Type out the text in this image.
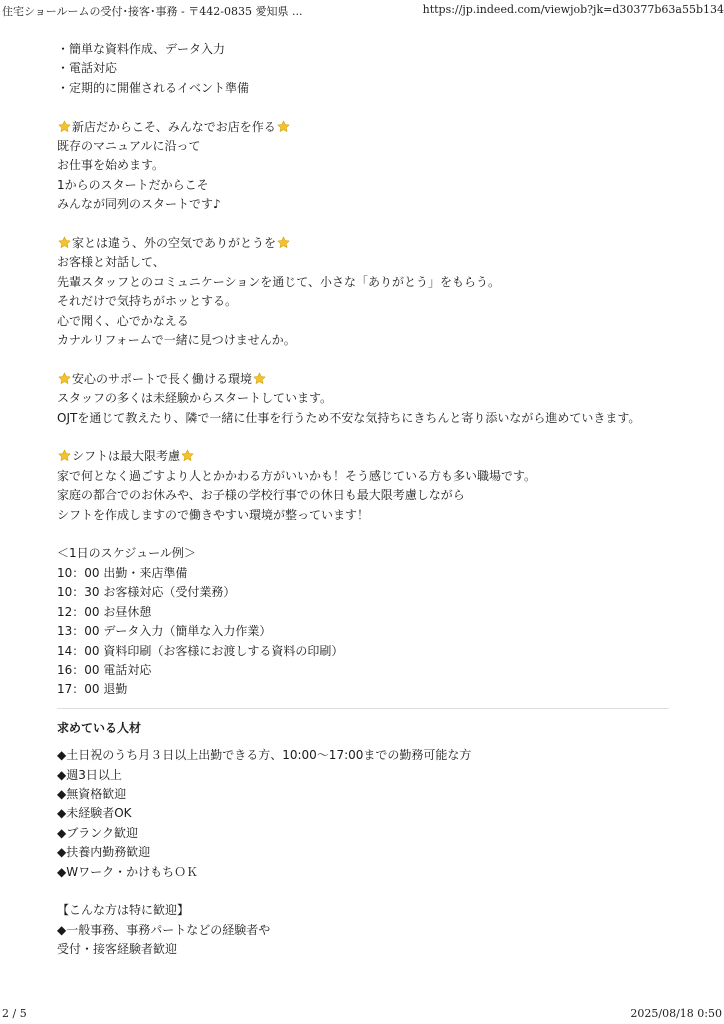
住宅ショールームの受付･接客･事務 - 〒442-0835 愛知県 ...	https://jp.indeed.com/viewjob?jk=d30377b63a55b134
・簡単な資料作成、データ入力
・電話対応
・定期的に開催されるイベント準備
新店だからこそ、みんなでお店を作る
既存のマニュアルに沿って
お仕事を始めます。
1からのスタートだからこそ
みんなが同列のスタートです♪
家とは違う、外の空気でありがとうを
お客様と対話して、
先輩スタッフとのコミュニケーションを通じて、小さな「ありがとう」をもらう。
それだけで気持ちがホッとする。
心で聞く、心でかなえる
カナルリフォームで一緒に見つけませんか。
安心のサポートで長く働ける環境
スタッフの多くは未経験からスタートしています。
OJTを通じて教えたり、隣で一緒に仕事を行うため不安な気持ちにきちんと寄り添いながら進めていきます。
シフトは最大限考慮
家で何となく過ごすより人とかかわる方がいいかも！そう感じている方も多い職場です。
家庭の都合でのお休みや、お子様の学校行事での休日も最大限考慮しながら
シフトを作成しますので働きやすい環境が整っています！
＜1日のスケジュール例＞
10：00 出勤・来店準備
10：30 お客様対応（受付業務）
12：00 お昼休憩
13：00 データ入力（簡単な入力作業）
14：00 資料印刷（お客様にお渡しする資料の印刷）
16：00 電話対応
17：00 退勤
求めている人材
◆土日祝のうち月３日以上出勤できる方、10:00～17:00までの勤務可能な方
◆週3日以上
◆無資格歓迎
◆未経験者OK
◆ブランク歓迎
◆扶養内勤務歓迎
◆Wワーク・かけもちＯＫ
【こんな方は特に歓迎】
◆一般事務、事務パートなどの経験者や
受付・接客経験者歓迎
2 / 5	2025/08/18 0:50
